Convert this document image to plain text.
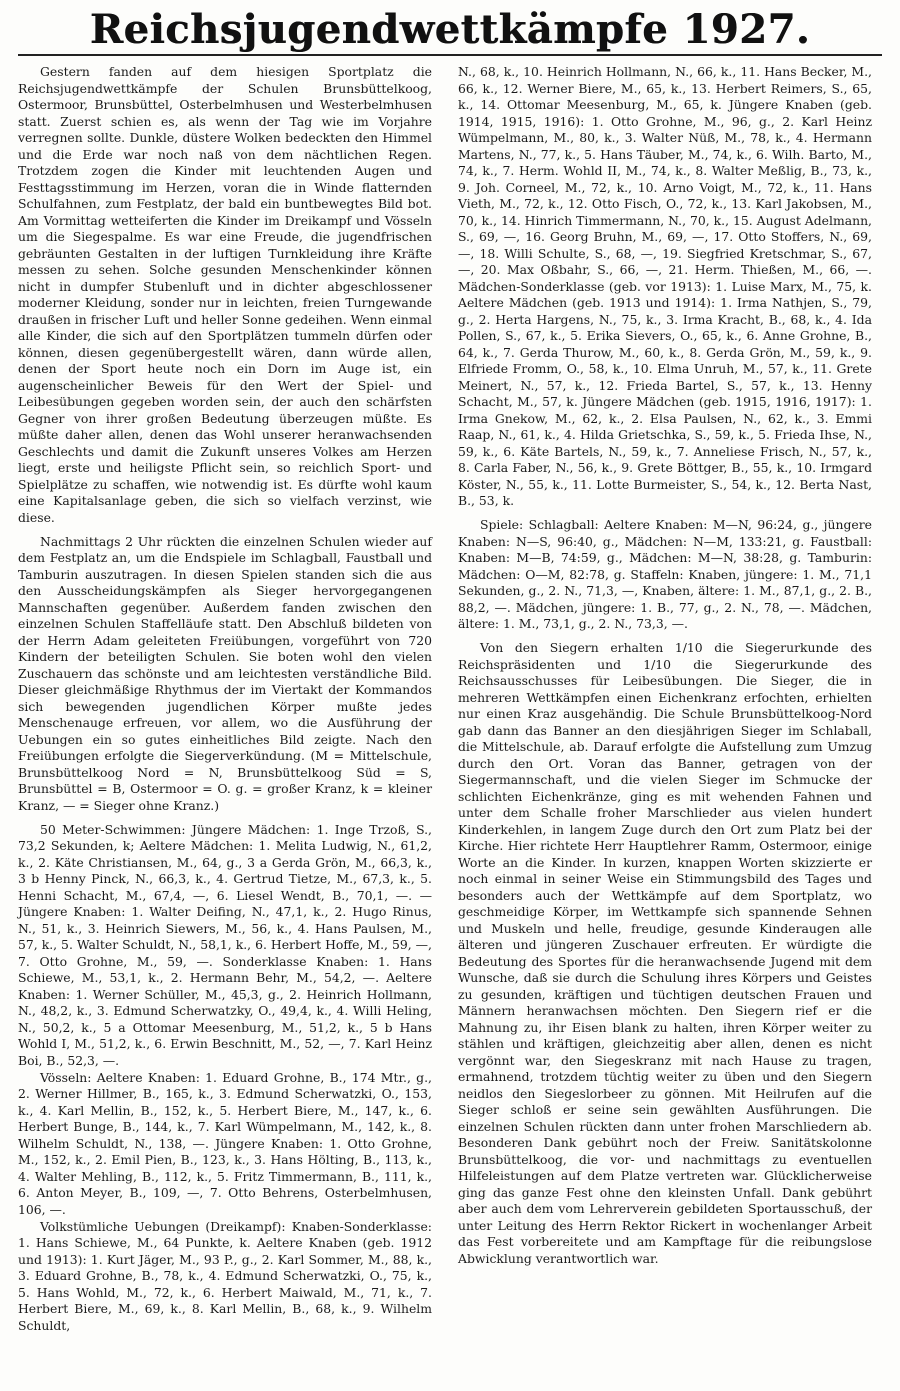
Reichsjugendwettkämpfe 1927.

Gestern fanden auf dem hiesigen Sportplatz die Reichsjugendwettkämpfe der Schulen Brunsbüttelkoog, Ostermoor, Brunsbüttel, Osterbelmhusen und Westerbelmhusen statt. Zuerst schien es, als wenn der Tag wie im Vorjahre verregnen sollte. Dunkle, düstere Wolken bedeckten den Himmel und die Erde war noch naß von dem nächtlichen Regen. Trotzdem zogen die Kinder mit leuchtenden Augen und Festtagsstimmung im Herzen, voran die in Winde flatternden Schulfahnen, zum Festplatz, der bald ein buntbewegtes Bild bot. Am Vormittag wetteiferten die Kinder im Dreikampf und Vösseln um die Siegespalme. Es war eine Freude, die jugendfrischen gebräunten Gestalten in der luftigen Turnkleidung ihre Kräfte messen zu sehen. Solche gesunden Menschenkinder können nicht in dumpfer Stubenluft und in dichter abgeschlossener moderner Kleidung, sonder nur in leichten, freien Turngewande draußen in frischer Luft und heller Sonne gedeihen. Wenn einmal alle Kinder, die sich auf den Sportplätzen tummeln dürfen oder können, diesen gegenübergestellt wären, dann würde allen, denen der Sport heute noch ein Dorn im Auge ist, ein augenscheinlicher Beweis für den Wert der Spiel- und Leibesübungen gegeben worden sein, der auch den schärfsten Gegner von ihrer großen Bedeutung überzeugen müßte. Es müßte daher allen, denen das Wohl unserer heranwachsenden Geschlechts und damit die Zukunft unseres Volkes am Herzen liegt, erste und heiligste Pflicht sein, so reichlich Sport- und Spielplätze zu schaffen, wie notwendig ist. Es dürfte wohl kaum eine Kapitalsanlage geben, die sich so vielfach verzinst, wie diese.

Nachmittags 2 Uhr rückten die einzelnen Schulen wieder auf dem Festplatz an, um die Endspiele im Schlagball, Faustball und Tamburin auszutragen. In diesen Spielen standen sich die aus den Ausscheidungskämpfen als Sieger hervorgegangenen Mannschaften gegenüber. Außerdem fanden zwischen den einzelnen Schulen Staffelläufe statt. Den Abschluß bildeten von der Herrn Adam geleiteten Freiübungen, vorgeführt von 720 Kindern der beteiligten Schulen. Sie boten wohl den vielen Zuschauern das schönste und am leichtesten verständliche Bild. Dieser gleichmäßige Rhythmus der im Viertakt der Kommandos sich bewegenden jugendlichen Körper mußte jedes Menschenauge erfreuen, vor allem, wo die Ausführung der Uebungen ein so gutes einheitliches Bild zeigte. Nach den Freiübungen erfolgte die Siegerverkündung. (M = Mittelschule, Brunsbüttelkoog Nord = N, Brunsbüttelkoog Süd = S, Brunsbüttel = B, Ostermoor = O. g. = großer Kranz, k = kleiner Kranz, — = Sieger ohne Kranz.)

50 Meter-Schwimmen: Jüngere Mädchen: 1. Inge Trzoß, S., 73,2 Sekunden, k; Aeltere Mädchen: 1. Melita Ludwig, N., 61,2, k., 2. Käte Christiansen, M., 64, g., 3 a Gerda Grön, M., 66,3, k., 3 b Henny Pinck, N., 66,3, k., 4. Gertrud Tietze, M., 67,3, k., 5. Henni Schacht, M., 67,4, —, 6. Liesel Wendt, B., 70,1, —. — Jüngere Knaben: 1. Walter Deifing, N., 47,1, k., 2. Hugo Rinus, N., 51, k., 3. Heinrich Siewers, M., 56, k., 4. Hans Paulsen, M., 57, k., 5. Walter Schuldt, N., 58,1, k., 6. Herbert Hoffe, M., 59, —, 7. Otto Grohne, M., 59, —. Sonderklasse Knaben: 1. Hans Schiewe, M., 53,1, k., 2. Hermann Behr, M., 54,2, —. Aeltere Knaben: 1. Werner Schüller, M., 45,3, g., 2. Heinrich Hollmann, N., 48,2, k., 3. Edmund Scherwatzky, O., 49,4, k., 4. Willi Heling, N., 50,2, k., 5 a Ottomar Meesenburg, M., 51,2, k., 5 b Hans Wohld I, M., 51,2, k., 6. Erwin Beschnitt, M., 52, —, 7. Karl Heinz Boi, B., 52,3, —.

Vösseln: Aeltere Knaben: 1. Eduard Grohne, B., 174 Mtr., g., 2. Werner Hillmer, B., 165, k., 3. Edmund Scherwatzki, O., 153, k., 4. Karl Mellin, B., 152, k., 5. Herbert Biere, M., 147, k., 6. Herbert Bunge, B., 144, k., 7. Karl Wümpelmann, M., 142, k., 8. Wilhelm Schuldt, N., 138, —. Jüngere Knaben: 1. Otto Grohne, M., 152, k., 2. Emil Pien, B., 123, k., 3. Hans Hölting, B., 113, k., 4. Walter Mehling, B., 112, k., 5. Fritz Timmermann, B., 111, k., 6. Anton Meyer, B., 109, —, 7. Otto Behrens, Osterbelmhusen, 106, —.

Volkstümliche Uebungen (Dreikampf): Knaben-Sonderklasse: 1. Hans Schiewe, M., 64 Punkte, k. Aeltere Knaben (geb. 1912 und 1913): 1. Kurt Jäger, M., 93 P., g., 2. Karl Sommer, M., 88, k., 3. Eduard Grohne, B., 78, k., 4. Edmund Scherwatzki, O., 75, k., 5. Hans Wohld, M., 72, k., 6. Herbert Maiwald, M., 71, k., 7. Herbert Biere, M., 69, k., 8. Karl Mellin, B., 68, k., 9. Wilhelm Schuldt,

N., 68, k., 10. Heinrich Hollmann, N., 66, k., 11. Hans Becker, M., 66, k., 12. Werner Biere, M., 65, k., 13. Herbert Reimers, S., 65, k., 14. Ottomar Meesenburg, M., 65, k. Jüngere Knaben (geb. 1914, 1915, 1916): 1. Otto Grohne, M., 96, g., 2. Karl Heinz Wümpelmann, M., 80, k., 3. Walter Nüß, M., 78, k., 4. Hermann Martens, N., 77, k., 5. Hans Täuber, M., 74, k., 6. Wilh. Barto, M., 74, k., 7. Herm. Wohld II, M., 74, k., 8. Walter Meßlig, B., 73, k., 9. Joh. Corneel, M., 72, k., 10. Arno Voigt, M., 72, k., 11. Hans Vieth, M., 72, k., 12. Otto Fisch, O., 72, k., 13. Karl Jakobsen, M., 70, k., 14. Hinrich Timmermann, N., 70, k., 15. August Adelmann, S., 69, —, 16. Georg Bruhn, M., 69, —, 17. Otto Stoffers, N., 69, —, 18. Willi Schulte, S., 68, —, 19. Siegfried Kretschmar, S., 67, —, 20. Max Oßbahr, S., 66, —, 21. Herm. Thießen, M., 66, —. Mädchen-Sonderklasse (geb. vor 1913): 1. Luise Marx, M., 75, k. Aeltere Mädchen (geb. 1913 und 1914): 1. Irma Nathjen, S., 79, g., 2. Herta Hargens, N., 75, k., 3. Irma Kracht, B., 68, k., 4. Ida Pollen, S., 67, k., 5. Erika Sievers, O., 65, k., 6. Anne Grohne, B., 64, k., 7. Gerda Thurow, M., 60, k., 8. Gerda Grön, M., 59, k., 9. Elfriede Fromm, O., 58, k., 10. Elma Unruh, M., 57, k., 11. Grete Meinert, N., 57, k., 12. Frieda Bartel, S., 57, k., 13. Henny Schacht, M., 57, k. Jüngere Mädchen (geb. 1915, 1916, 1917): 1. Irma Gnekow, M., 62, k., 2. Elsa Paulsen, N., 62, k., 3. Emmi Raap, N., 61, k., 4. Hilda Grietschka, S., 59, k., 5. Frieda Ihse, N., 59, k., 6. Käte Bartels, N., 59, k., 7. Anneliese Frisch, N., 57, k., 8. Carla Faber, N., 56, k., 9. Grete Böttger, B., 55, k., 10. Irmgard Köster, N., 55, k., 11. Lotte Burmeister, S., 54, k., 12. Berta Nast, B., 53, k.

Spiele: Schlagball: Aeltere Knaben: M—N, 96:24, g., jüngere Knaben: N—S, 96:40, g., Mädchen: N—M, 133:21, g. Faustball: Knaben: M—B, 74:59, g., Mädchen: M—N, 38:28, g. Tamburin: Mädchen: O—M, 82:78, g. Staffeln: Knaben, jüngere: 1. M., 71,1 Sekunden, g., 2. N., 71,3, —, Knaben, ältere: 1. M., 87,1, g., 2. B., 88,2, —. Mädchen, jüngere: 1. B., 77, g., 2. N., 78, —. Mädchen, ältere: 1. M., 73,1, g., 2. N., 73,3, —.

Von den Siegern erhalten 1/10 die Siegerurkunde des Reichspräsidenten und 1/10 die Siegerurkunde des Reichsausschusses für Leibesübungen. Die Sieger, die in mehreren Wettkämpfen einen Eichenkranz erfochten, erhielten nur einen Kraz ausgehändig. Die Schule Brunsbüttelkoog-Nord gab dann das Banner an den diesjährigen Sieger im Schlaball, die Mittelschule, ab. Darauf erfolgte die Aufstellung zum Umzug durch den Ort. Voran das Banner, getragen von der Siegermannschaft, und die vielen Sieger im Schmucke der schlichten Eichenkränze, ging es mit wehenden Fahnen und unter dem Schalle froher Marschlieder aus vielen hundert Kinderkehlen, in langem Zuge durch den Ort zum Platz bei der Kirche. Hier richtete Herr Hauptlehrer Ramm, Ostermoor, einige Worte an die Kinder. In kurzen, knappen Worten skizzierte er noch einmal in seiner Weise ein Stimmungsbild des Tages und besonders auch der Wettkämpfe auf dem Sportplatz, wo geschmeidige Körper, im Wettkampfe sich spannende Sehnen und Muskeln und helle, freudige, gesunde Kinderaugen alle älteren und jüngeren Zuschauer erfreuten. Er würdigte die Bedeutung des Sportes für die heranwachsende Jugend mit dem Wunsche, daß sie durch die Schulung ihres Körpers und Geistes zu gesunden, kräftigen und tüchtigen deutschen Frauen und Männern heranwachsen möchten. Den Siegern rief er die Mahnung zu, ihr Eisen blank zu halten, ihren Körper weiter zu stählen und kräftigen, gleichzeitig aber allen, denen es nicht vergönnt war, den Siegeskranz mit nach Hause zu tragen, ermahnend, trotzdem tüchtig weiter zu üben und den Siegern neidlos den Siegeslorbeer zu gönnen. Mit Heilrufen auf die Sieger schloß er seine sein gewählten Ausführungen. Die einzelnen Schulen rückten dann unter frohen Marschliedern ab. Besonderen Dank gebührt noch der Freiw. Sanitätskolonne Brunsbüttelkoog, die vor- und nachmittags zu eventuellen Hilfeleistungen auf dem Platze vertreten war. Glücklicherweise ging das ganze Fest ohne den kleinsten Unfall. Dank gebührt aber auch dem vom Lehrerverein gebildeten Sportausschuß, der unter Leitung des Herrn Rektor Rickert in wochenlanger Arbeit das Fest vorbereitete und am Kampftage für die reibungslose Abwicklung verantwortlich war.
